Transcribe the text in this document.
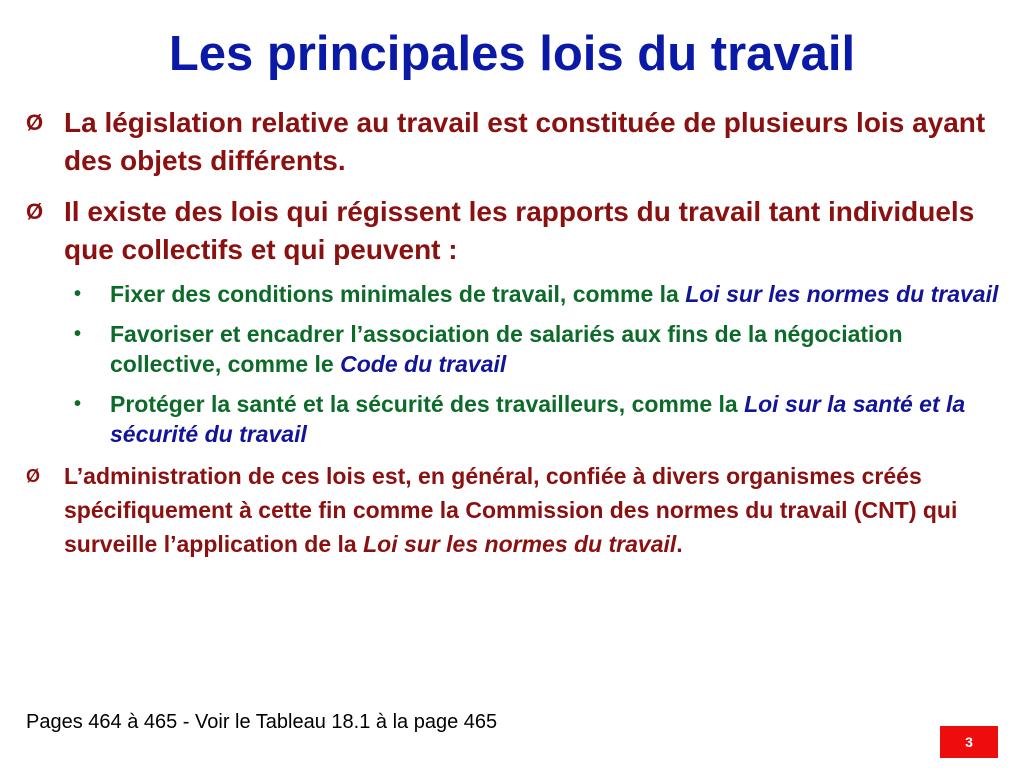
Les principales lois du travail
Ø La législation relative au travail est constituée de plusieurs lois ayant des objets différents.
Ø Il existe des lois qui régissent les rapports du travail tant individuels que collectifs et qui peuvent :
•	Fixer des conditions minimales de travail, comme la Loi sur les normes du travail
•	Favoriser et encadrer l’association de salariés aux fins de la négociation collective, comme le Code du travail
•	Protéger la santé et la sécurité des travailleurs, comme la Loi sur la santé et la sécurité du travail
Ø	L’administration de ces lois est, en général, confiée à divers organismes créés spécifiquement à cette fin comme la Commission des normes du travail (CNT) qui surveille l’application de la Loi sur les normes du travail.
Pages 464 à 465 - Voir le Tableau 18.1 à la page 465
3
